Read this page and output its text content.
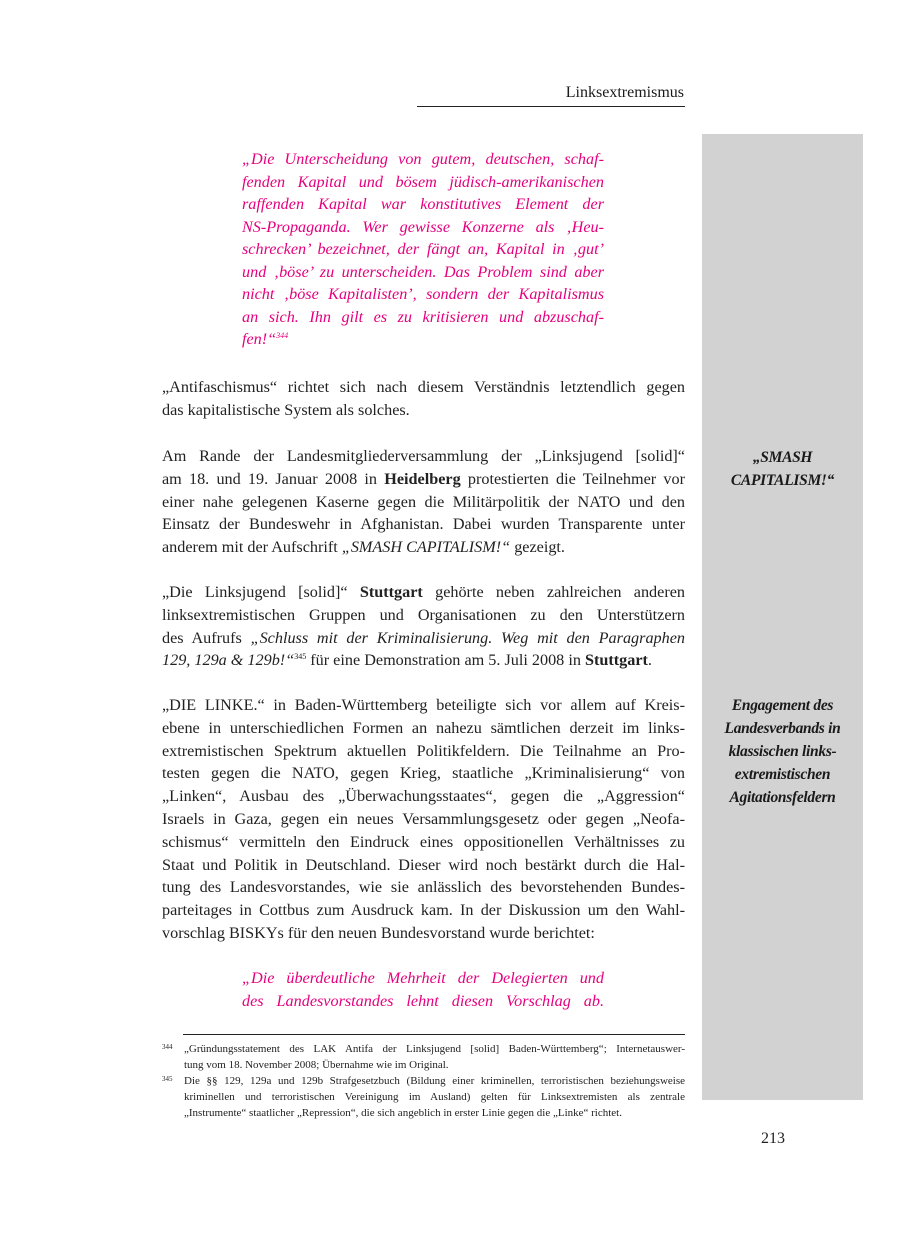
Linksextremismus
„Die Unterscheidung von gutem, deutschen, schaf-
fenden Kapital und bösem jüdisch-amerikanischen
raffenden Kapital war konstitutives Element der
NS-Propaganda. Wer gewisse Konzerne als ‚Heu-
schrecken’ bezeichnet, der fängt an, Kapital in ‚gut’
und ‚böse’ zu unterscheiden. Das Problem sind aber
nicht ‚böse Kapitalisten’, sondern der Kapitalismus
an sich. Ihn gilt es zu kritisieren und abzuschaf-
fen!“$^{344}$
„Antifaschismus“ richtet sich nach diesem Verständnis letztendlich gegen
das kapitalistische System als solches.
Am Rande der Landesmitgliederversammlung der „Linksjugend [solid]“
am 18. und 19. Januar 2008 in Heidelberg protestierten die Teilnehmer vor
einer nahe gelegenen Kaserne gegen die Militärpolitik der NATO und den
Einsatz der Bundeswehr in Afghanistan. Dabei wurden Transparente unter
anderem mit der Aufschrift „SMASH CAPITALISM!“ gezeigt.
„Die Linksjugend [solid]“ Stuttgart gehörte neben zahlreichen anderen
linksextremistischen Gruppen und Organisationen zu den Unterstützern
des Aufrufs „Schluss mit der Kriminalisierung. Weg mit den Paragraphen
129, 129a & 129b!“$^{345}$ für eine Demonstration am 5. Juli 2008 in Stuttgart.
„DIE LINKE.“ in Baden-Württemberg beteiligte sich vor allem auf Kreis-
ebene in unterschiedlichen Formen an nahezu sämtlichen derzeit im links-
extremistischen Spektrum aktuellen Politikfeldern. Die Teilnahme an Pro-
testen gegen die NATO, gegen Krieg, staatliche „Kriminalisierung“ von
„Linken“, Ausbau des „Überwachungsstaates“, gegen die „Aggression“
Israels in Gaza, gegen ein neues Versammlungsgesetz oder gegen „Neofa-
schismus“ vermitteln den Eindruck eines oppositionellen Verhältnisses zu
Staat und Politik in Deutschland. Dieser wird noch bestärkt durch die Hal-
tung des Landesvorstandes, wie sie anlässlich des bevorstehenden Bundes-
parteitages in Cottbus zum Ausdruck kam. In der Diskussion um den Wahl-
vorschlag BISKYs für den neuen Bundesvorstand wurde berichtet:
„Die überdeutliche Mehrheit der Delegierten und
des Landesvorstandes lehnt diesen Vorschlag ab.
„SMASH
CAPITALISM!“
Engagement des
Landesverbands in
klassischen links-
extremistischen
Agitationsfeldern
344 „Gründungsstatement des LAK Antifa der Linksjugend [solid] Baden-Württemberg“; Internetauswer-
tung vom 18. November 2008; Übernahme wie im Original.
345 Die §§ 129, 129a und 129b Strafgesetzbuch (Bildung einer kriminellen, terroristischen beziehungsweise
kriminellen und terroristischen Vereinigung im Ausland) gelten für Linksextremisten als zentrale
„Instrumente“ staatlicher „Repression“, die sich angeblich in erster Linie gegen die „Linke“ richtet.
213
